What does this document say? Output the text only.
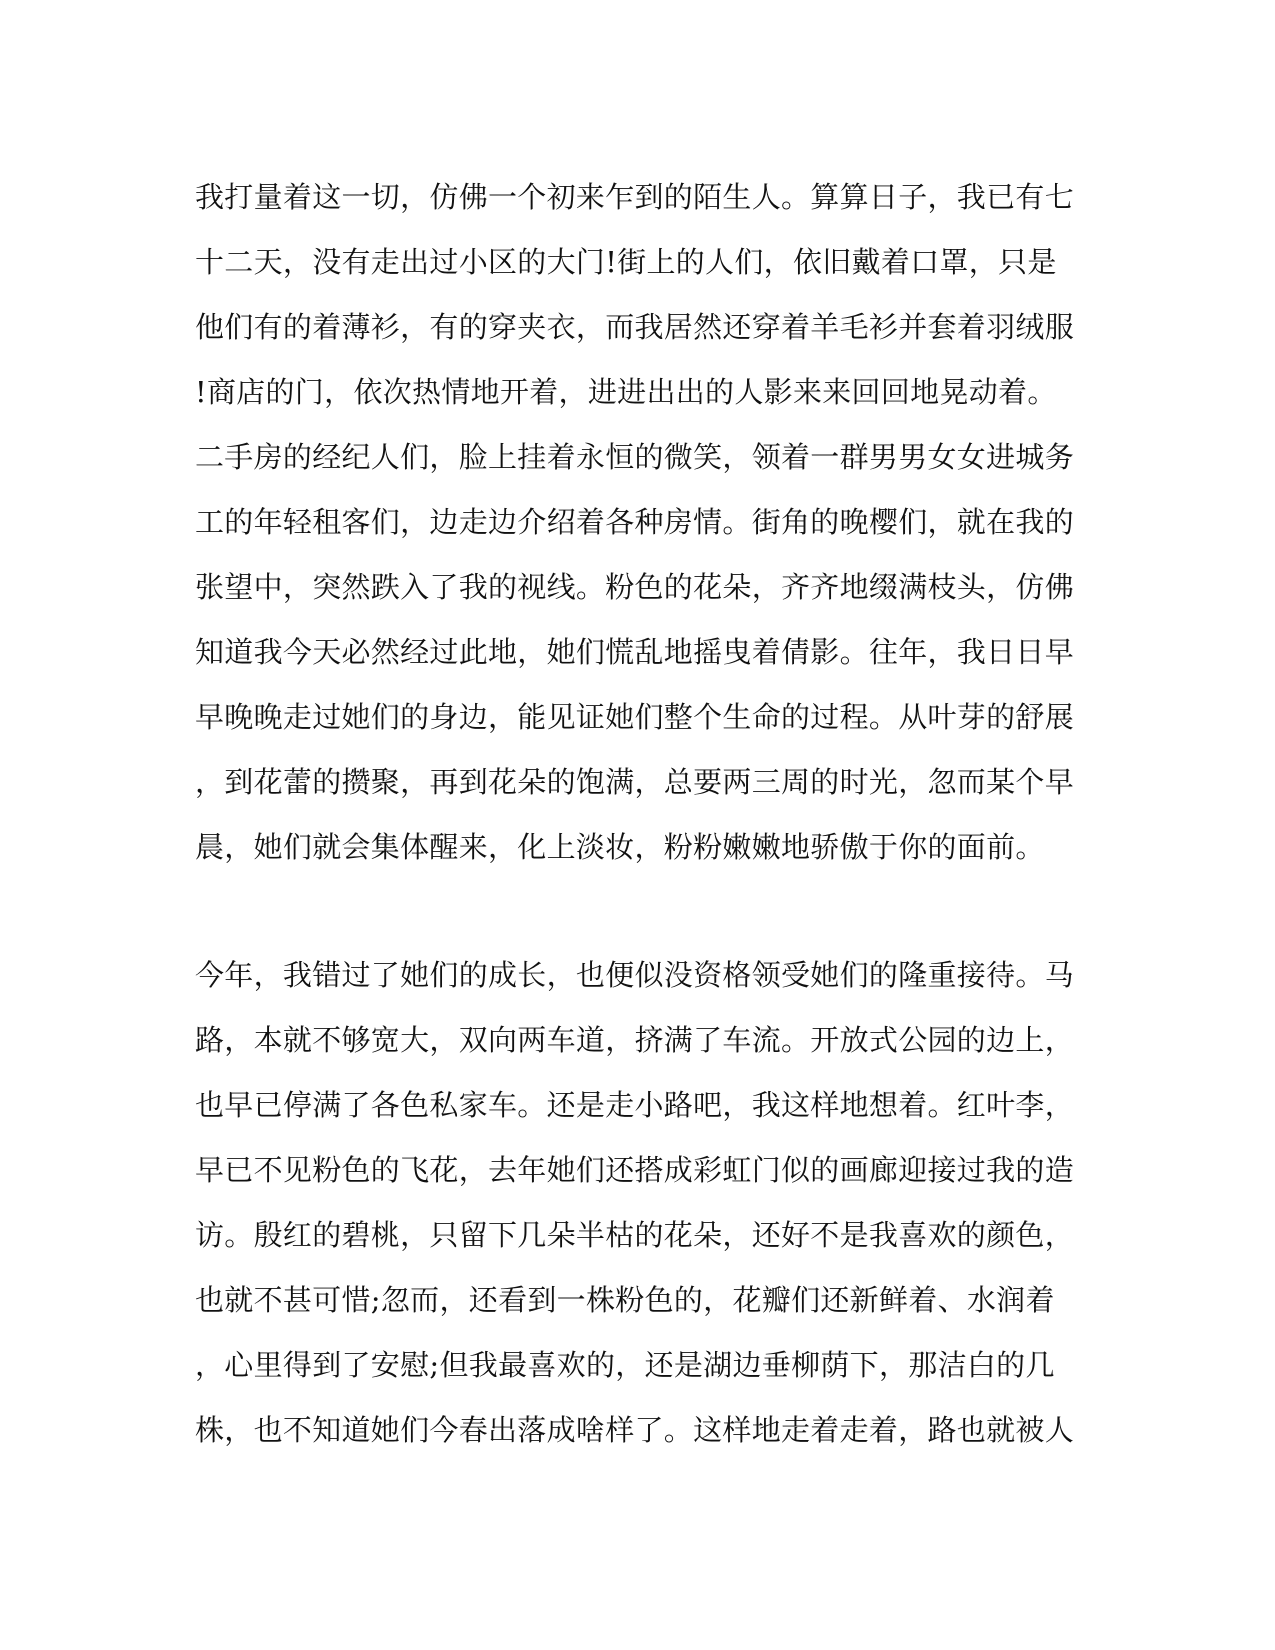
我打量着这一切，仿佛一个初来乍到的陌生人。算算日子，我已有七
十二天，没有走出过小区的大门!街上的人们，依旧戴着口罩，只是
他们有的着薄衫，有的穿夹衣，而我居然还穿着羊毛衫并套着羽绒服
!商店的门，依次热情地开着，进进出出的人影来来回回地晃动着。
二手房的经纪人们，脸上挂着永恒的微笑，领着一群男男女女进城务
工的年轻租客们，边走边介绍着各种房情。街角的晚樱们，就在我的
张望中，突然跌入了我的视线。粉色的花朵，齐齐地缀满枝头，仿佛
知道我今天必然经过此地，她们慌乱地摇曳着倩影。往年，我日日早
早晚晚走过她们的身边，能见证她们整个生命的过程。从叶芽的舒展
，到花蕾的攒聚，再到花朵的饱满，总要两三周的时光，忽而某个早
晨，她们就会集体醒来，化上淡妆，粉粉嫩嫩地骄傲于你的面前。
今年，我错过了她们的成长，也便似没资格领受她们的隆重接待。马
路，本就不够宽大，双向两车道，挤满了车流。开放式公园的边上，
也早已停满了各色私家车。还是走小路吧，我这样地想着。红叶李，
早已不见粉色的飞花，去年她们还搭成彩虹门似的画廊迎接过我的造
访。殷红的碧桃，只留下几朵半枯的花朵，还好不是我喜欢的颜色，
也就不甚可惜;忽而，还看到一株粉色的，花瓣们还新鲜着、水润着
，心里得到了安慰;但我最喜欢的，还是湖边垂柳荫下，那洁白的几
株，也不知道她们今春出落成啥样了。这样地走着走着，路也就被人
